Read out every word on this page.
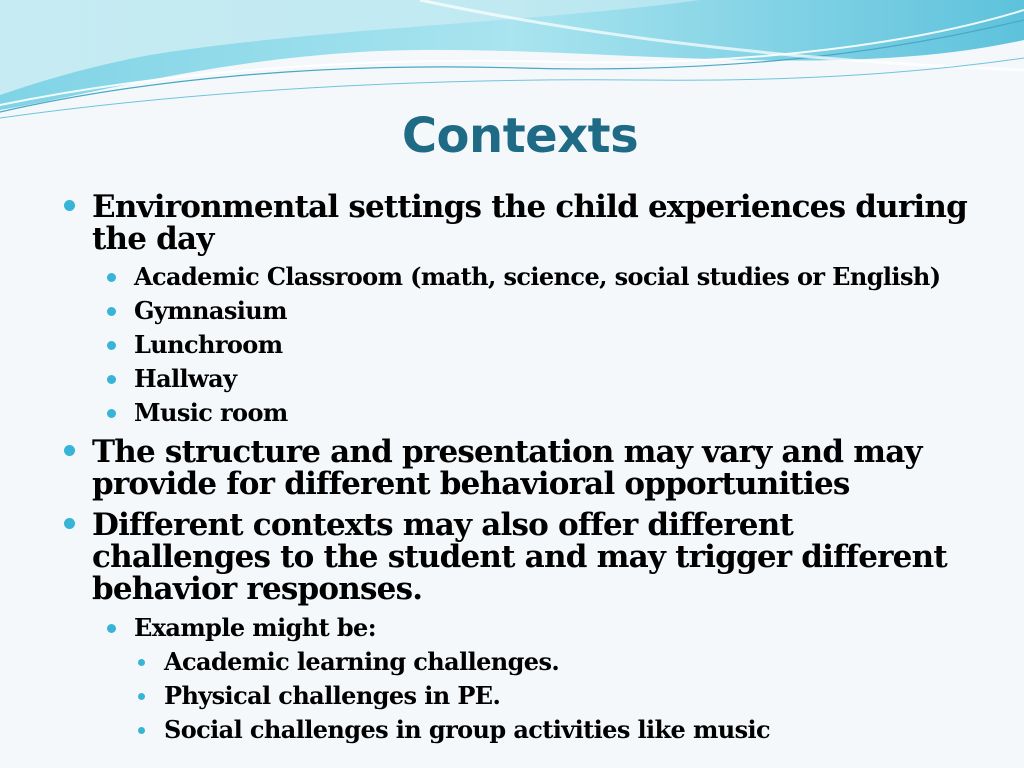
Contexts

Environmental settings the child experiences during the day

Academic Classroom (math, science, social studies or English)

Gymnasium

Lunchroom

Hallway

Music room

The structure and presentation may vary and may provide for different behavioral opportunities

Different contexts may also offer different challenges to the student and may trigger different behavior responses.

Example might be:

Academic learning challenges.

Physical challenges in PE.

Social challenges in group activities like music
